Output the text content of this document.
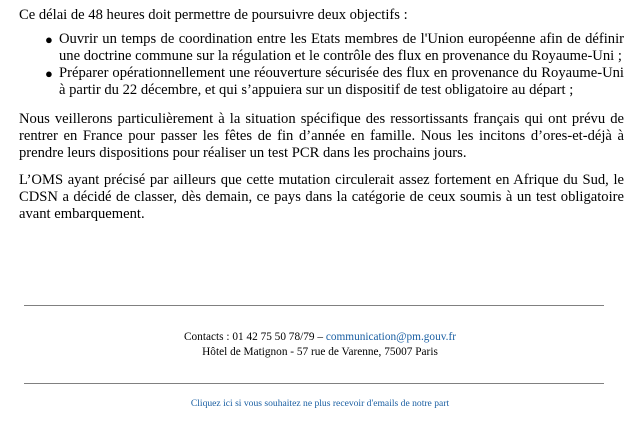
Ce délai de 48 heures doit permettre de poursuivre deux objectifs :

● Ouvrir un temps de coordination entre les Etats membres de l'Union européenne afin de définir une doctrine commune sur la régulation et le contrôle des flux en provenance du Royaume-Uni ;
● Préparer opérationnellement une réouverture sécurisée des flux en provenance du Royaume-Uni à partir du 22 décembre, et qui s’appuiera sur un dispositif de test obligatoire au départ ;

Nous veillerons particulièrement à la situation spécifique des ressortissants français qui ont prévu de rentrer en France pour passer les fêtes de fin d’année en famille. Nous les incitons d’ores-et-déjà à prendre leurs dispositions pour réaliser un test PCR dans les prochains jours.

L’OMS ayant précisé par ailleurs que cette mutation circulerait assez fortement en Afrique du Sud, le CDSN a décidé de classer, dès demain, ce pays dans la catégorie de ceux soumis à un test obligatoire avant embarquement.

Contacts : 01 42 75 50 78/79 – communication@pm.gouv.fr
Hôtel de Matignon - 57 rue de Varenne, 75007 Paris
Cliquez ici si vous souhaitez ne plus recevoir d'emails de notre part
